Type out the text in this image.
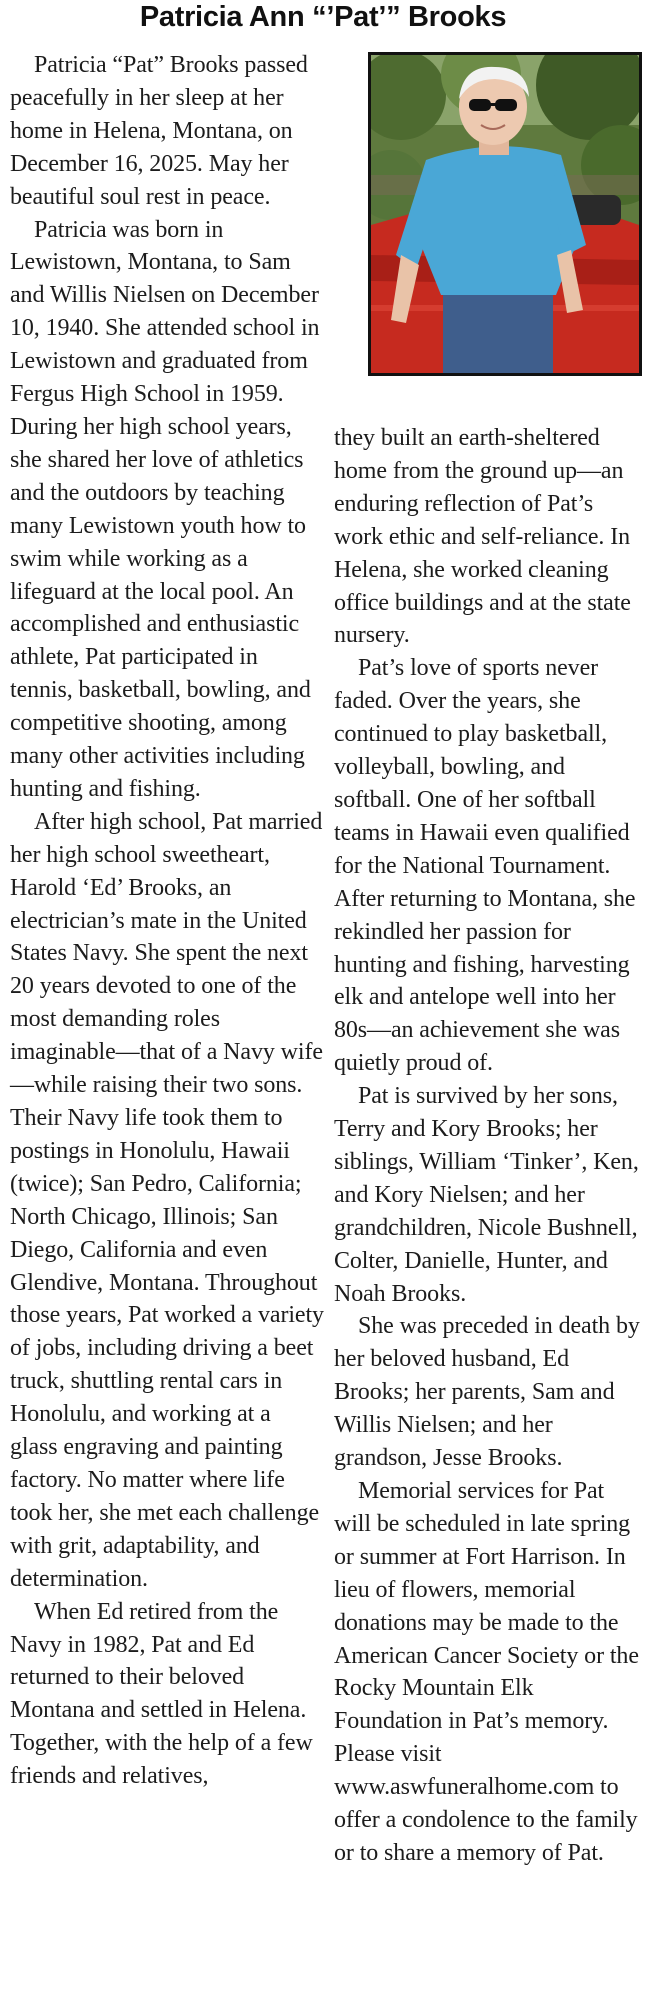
Patricia Ann “’Pat’” Brooks

Patricia “Pat” Brooks passed peacefully in her sleep at her home in Helena, Montana, on December 16, 2025. May her beautiful soul rest in peace.

Patricia was born in Lewistown, Montana, to Sam and Willis Nielsen on December 10, 1940. She attended school in Lewistown and graduated from Fergus High School in 1959. During her high school years, she shared her love of athletics and the outdoors by teaching many Lewistown youth how to swim while working as a lifeguard at the local pool. An accomplished and enthusiastic athlete, Pat participated in tennis, basketball, bowling, and competitive shooting, among many other activities including hunting and fishing.

After high school, Pat married her high school sweetheart, Harold ‘Ed’ Brooks, an electrician’s mate in the United States Navy. She spent the next 20 years devoted to one of the most demanding roles imaginable—that of a Navy wife—while raising their two sons. Their Navy life took them to postings in Honolulu, Hawaii (twice); San Pedro, California; North Chicago, Illinois; San Diego, California and even Glendive, Montana. Throughout those years, Pat worked a variety of jobs, including driving a beet truck, shuttling rental cars in Honolulu, and working at a glass engraving and painting factory. No matter where life took her, she met each challenge with grit, adaptability, and determination.

When Ed retired from the Navy in 1982, Pat and Ed returned to their beloved Montana and settled in Helena. Together, with the help of a few friends and relatives,

they built an earth-sheltered home from the ground up—an enduring reflection of Pat’s work ethic and self-reliance. In Helena, she worked cleaning office buildings and at the state nursery.

Pat’s love of sports never faded. Over the years, she continued to play basketball, volleyball, bowling, and softball. One of her softball teams in Hawaii even qualified for the National Tournament. After returning to Montana, she rekindled her passion for hunting and fishing, harvesting elk and antelope well into her 80s—an achievement she was quietly proud of.

Pat is survived by her sons, Terry and Kory Brooks; her siblings, William ‘Tinker’, Ken, and Kory Nielsen; and her grandchildren, Nicole Bushnell, Colter, Danielle, Hunter, and Noah Brooks.

She was preceded in death by her beloved husband, Ed Brooks; her parents, Sam and Willis Nielsen; and her grandson, Jesse Brooks.

Memorial services for Pat will be scheduled in late spring or summer at Fort Harrison. In lieu of flowers, memorial donations may be made to the American Cancer Society or the Rocky Mountain Elk Foundation in Pat’s memory. Please visit www.aswfuneralhome.com to offer a condolence to the family or to share a memory of Pat.
